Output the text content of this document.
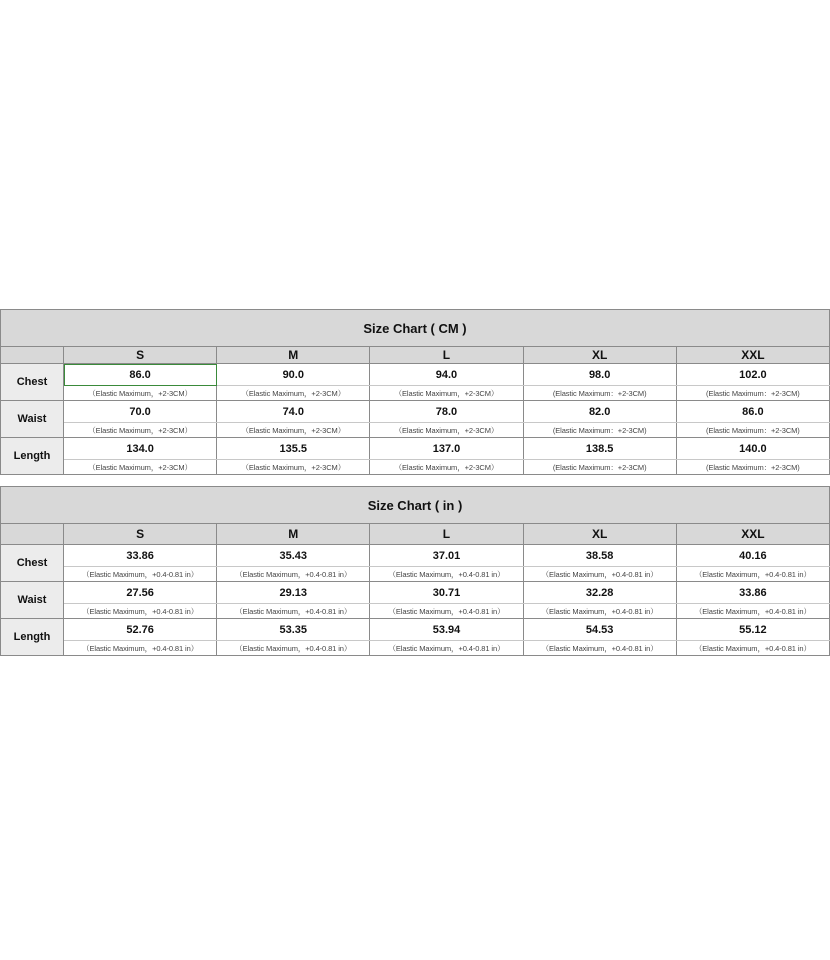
Size Chart ( CM )					
	S	M	L	XL	XXL
Chest	86.0	90.0	94.0	98.0	102.0
	（Elastic Maximum，+2-3CM）	（Elastic Maximum，+2-3CM）	（Elastic Maximum，+2-3CM）	(Elastic Maximum：+2-3CM)	(Elastic Maximum：+2-3CM)
Waist	70.0	74.0	78.0	82.0	86.0
	（Elastic Maximum，+2-3CM）	（Elastic Maximum，+2-3CM）	（Elastic Maximum，+2-3CM）	(Elastic Maximum：+2-3CM)	(Elastic Maximum：+2-3CM)
Length	134.0	135.5	137.0	138.5	140.0
	（Elastic Maximum，+2-3CM）	（Elastic Maximum，+2-3CM）	（Elastic Maximum，+2-3CM）	(Elastic Maximum：+2-3CM)	(Elastic Maximum：+2-3CM)
Size Chart ( in )					
	S	M	L	XL	XXL
Chest	33.86	35.43	37.01	38.58	40.16
	（Elastic Maximum，+0.4-0.81 in）	（Elastic Maximum，+0.4-0.81 in）	（Elastic Maximum，+0.4-0.81 in）	（Elastic Maximum，+0.4-0.81 in）	（Elastic Maximum，+0.4-0.81 in）
Waist	27.56	29.13	30.71	32.28	33.86
	（Elastic Maximum，+0.4-0.81 in）	（Elastic Maximum，+0.4-0.81 in）	（Elastic Maximum，+0.4-0.81 in）	（Elastic Maximum，+0.4-0.81 in）	（Elastic Maximum，+0.4-0.81 in）
Length	52.76	53.35	53.94	54.53	55.12
	（Elastic Maximum，+0.4-0.81 in）	（Elastic Maximum，+0.4-0.81 in）	（Elastic Maximum，+0.4-0.81 in）	（Elastic Maximum，+0.4-0.81 in）	（Elastic Maximum，+0.4-0.81 in）
